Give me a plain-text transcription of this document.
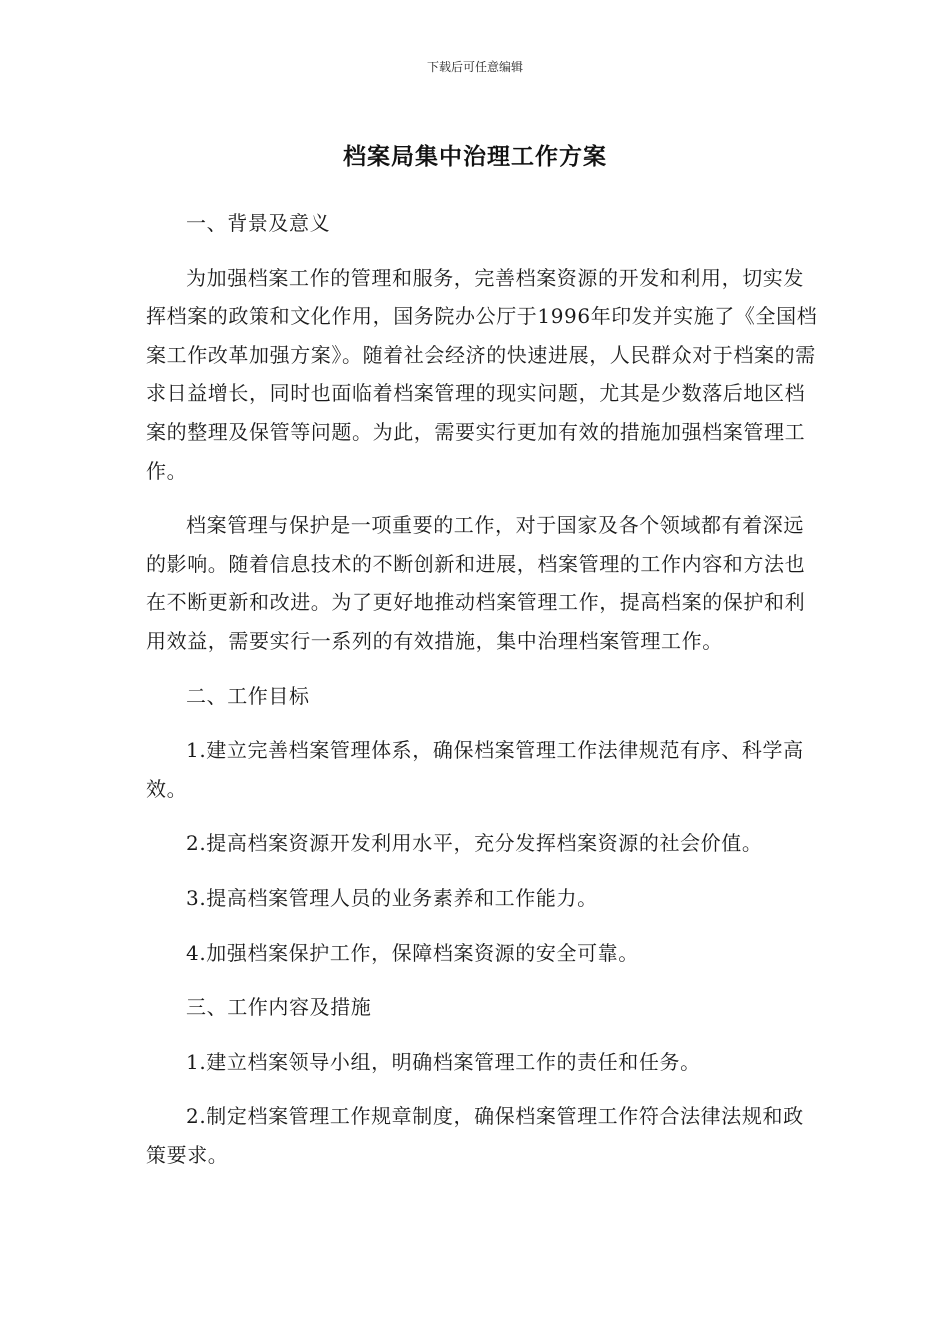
下载后可任意编辑
档案局集中治理工作方案

一、背景及意义

为加强档案工作的管理和服务，完善档案资源的开发和利用，切实发挥档案的政策和文化作用，国务院办公厅于1996年印发并实施了《全国档案工作改革加强方案》。随着社会经济的快速进展，人民群众对于档案的需求日益增长，同时也面临着档案管理的现实问题，尤其是少数落后地区档案的整理及保管等问题。为此，需要实行更加有效的措施加强档案管理工作。

档案管理与保护是一项重要的工作，对于国家及各个领域都有着深远的影响。随着信息技术的不断创新和进展，档案管理的工作内容和方法也在不断更新和改进。为了更好地推动档案管理工作，提高档案的保护和利用效益，需要实行一系列的有效措施，集中治理档案管理工作。

二、工作目标

1.建立完善档案管理体系，确保档案管理工作法律规范有序、科学高效。

2.提高档案资源开发利用水平，充分发挥档案资源的社会价值。

3.提高档案管理人员的业务素养和工作能力。

4.加强档案保护工作，保障档案资源的安全可靠。

三、工作内容及措施

1.建立档案领导小组，明确档案管理工作的责任和任务。

2.制定档案管理工作规章制度，确保档案管理工作符合法律法规和政策要求。
